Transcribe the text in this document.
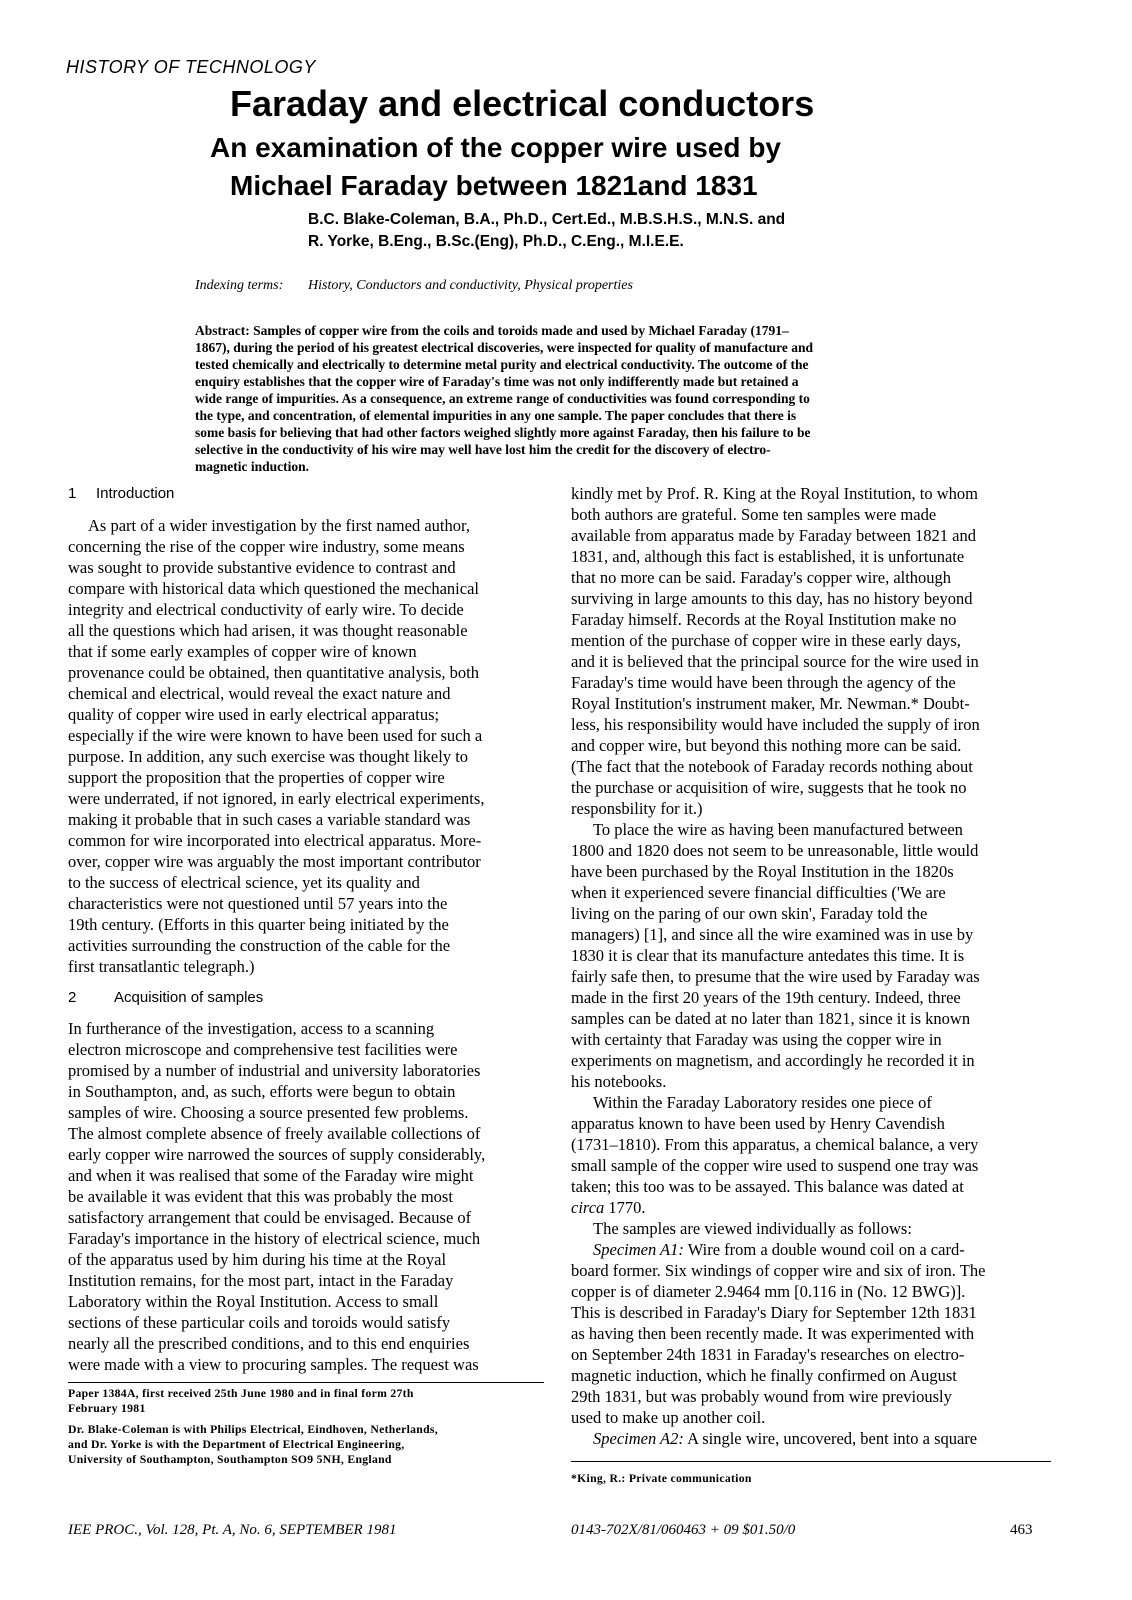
HISTORY OF TECHNOLOGY
Faraday and electrical conductors
An examination of the copper wire used by
Michael Faraday between 1821and 1831
B.C. Blake-Coleman, B.A., Ph.D., Cert.Ed., M.B.S.H.S., M.N.S. and
R. Yorke, B.Eng., B.Sc.(Eng), Ph.D., C.Eng., M.I.E.E.
Indexing terms: History, Conductors and conductivity, Physical properties
Abstract: Samples of copper wire from the coils and toroids made and used by Michael Faraday (1791–
1867), during the period of his greatest electrical discoveries, were inspected for quality of manufacture and
tested chemically and electrically to determine metal purity and electrical conductivity. The outcome of the
enquiry establishes that the copper wire of Faraday's time was not only indifferently made but retained a
wide range of impurities. As a consequence, an extreme range of conductivities was found corresponding to
the type, and concentration, of elemental impurities in any one sample. The paper concludes that there is
some basis for believing that had other factors weighed slightly more against Faraday, then his failure to be
selective in the conductivity of his wire may well have lost him the credit for the discovery of electro-
magnetic induction.
1 Introduction
As part of a wider investigation by the first named author,
concerning the rise of the copper wire industry, some means
was sought to provide substantive evidence to contrast and
compare with historical data which questioned the mechanical
integrity and electrical conductivity of early wire. To decide
all the questions which had arisen, it was thought reasonable
that if some early examples of copper wire of known
provenance could be obtained, then quantitative analysis, both
chemical and electrical, would reveal the exact nature and
quality of copper wire used in early electrical apparatus;
especially if the wire were known to have been used for such a
purpose. In addition, any such exercise was thought likely to
support the proposition that the properties of copper wire
were underrated, if not ignored, in early electrical experiments,
making it probable that in such cases a variable standard was
common for wire incorporated into electrical apparatus. More-
over, copper wire was arguably the most important contributor
to the success of electrical science, yet its quality and
characteristics were not questioned until 57 years into the
19th century. (Efforts in this quarter being initiated by the
activities surrounding the construction of the cable for the
first transatlantic telegraph.)
2	Acquisition of samples
In furtherance of the investigation, access to a scanning
electron microscope and comprehensive test facilities were
promised by a number of industrial and university laboratories
in Southampton, and, as such, efforts were begun to obtain
samples of wire. Choosing a source presented few problems.
The almost complete absence of freely available collections of
early copper wire narrowed the sources of supply considerably,
and when it was realised that some of the Faraday wire might
be available it was evident that this was probably the most
satisfactory arrangement that could be envisaged. Because of
Faraday's importance in the history of electrical science, much
of the apparatus used by him during his time at the Royal
Institution remains, for the most part, intact in the Faraday
Laboratory within the Royal Institution. Access to small
sections of these particular coils and toroids would satisfy
nearly all the prescribed conditions, and to this end enquiries
were made with a view to procuring samples. The request was
Paper 1384A, first received 25th June 1980 and in final form 27th
February 1981
Dr. Blake-Coleman is with Philips Electrical, Eindhoven, Netherlands,
and Dr. Yorke is with the Department of Electrical Engineering,
University of Southampton, Southampton SO9 5NH, England
kindly met by Prof. R. King at the Royal Institution, to whom
both authors are grateful. Some ten samples were made
available from apparatus made by Faraday between 1821 and
1831, and, although this fact is established, it is unfortunate
that no more can be said. Faraday's copper wire, although
surviving in large amounts to this day, has no history beyond
Faraday himself. Records at the Royal Institution make no
mention of the purchase of copper wire in these early days,
and it is believed that the principal source for the wire used in
Faraday's time would have been through the agency of the
Royal Institution's instrument maker, Mr. Newman.* Doubt-
less, his responsibility would have included the supply of iron
and copper wire, but beyond this nothing more can be said.
(The fact that the notebook of Faraday records nothing about
the purchase or acquisition of wire, suggests that he took no
responsbility for it.)
To place the wire as having been manufactured between
1800 and 1820 does not seem to be unreasonable, little would
have been purchased by the Royal Institution in the 1820s
when it experienced severe financial difficulties ('We are
living on the paring of our own skin', Faraday told the
managers) [1], and since all the wire examined was in use by
1830 it is clear that its manufacture antedates this time. It is
fairly safe then, to presume that the wire used by Faraday was
made in the first 20 years of the 19th century. Indeed, three
samples can be dated at no later than 1821, since it is known
with certainty that Faraday was using the copper wire in
experiments on magnetism, and accordingly he recorded it in
his notebooks.
Within the Faraday Laboratory resides one piece of
apparatus known to have been used by Henry Cavendish
(1731–1810). From this apparatus, a chemical balance, a very
small sample of the copper wire used to suspend one tray was
taken; this too was to be assayed. This balance was dated at
circa 1770.
The samples are viewed individually as follows:
Specimen A1: Wire from a double wound coil on a card-
board former. Six windings of copper wire and six of iron. The
copper is of diameter 2.9464 mm [0.116 in (No. 12 BWG)].
This is described in Faraday's Diary for September 12th 1831
as having then been recently made. It was experimented with
on September 24th 1831 in Faraday's researches on electro-
magnetic induction, which he finally confirmed on August
29th 1831, but was probably wound from wire previously
used to make up another coil.
Specimen A2: A single wire, uncovered, bent into a square
*King, R.: Private communication
IEE PROC., Vol. 128, Pt. A, No. 6, SEPTEMBER 1981	0143-702X/81/060463 + 09 $01.50/0	463
